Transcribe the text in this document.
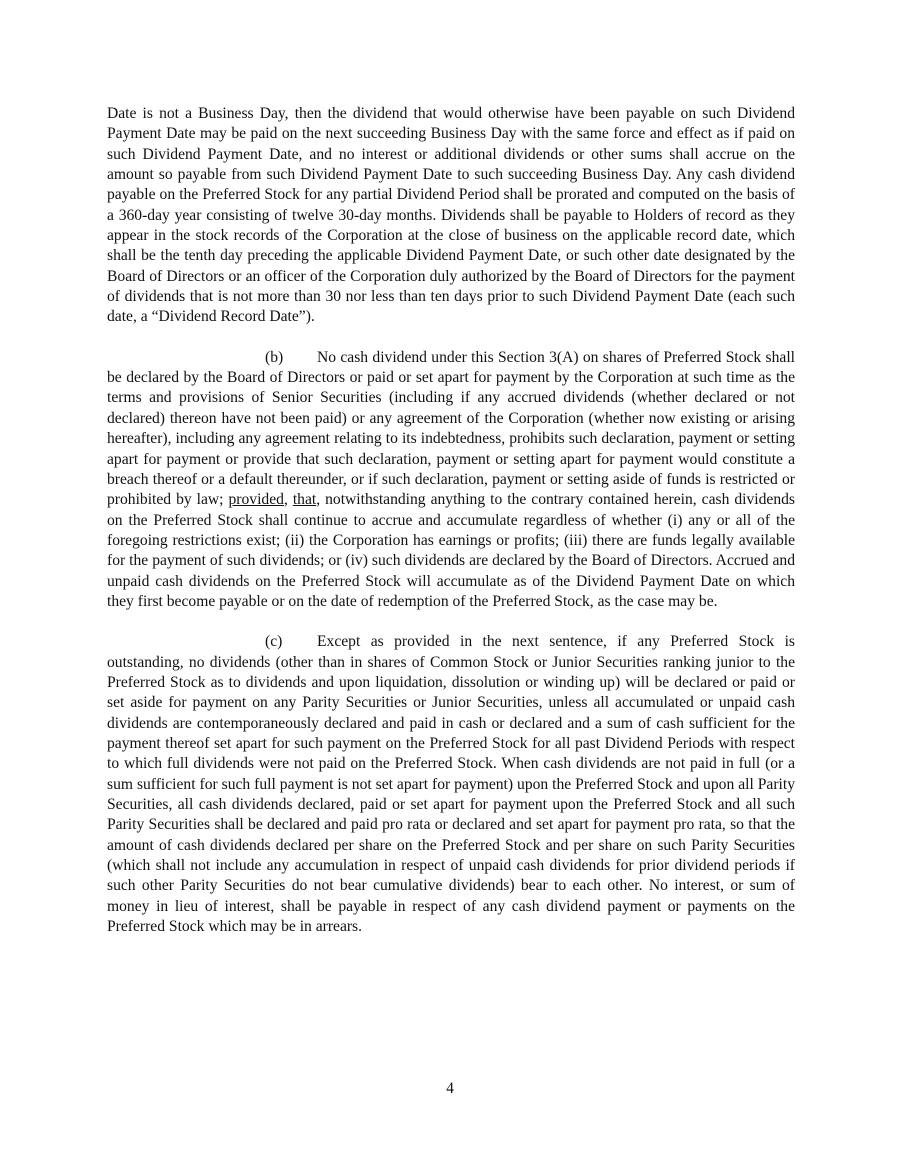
Date is not a Business Day, then the dividend that would otherwise have been payable on such Dividend Payment Date may be paid on the next succeeding Business Day with the same force and effect as if paid on such Dividend Payment Date, and no interest or additional dividends or other sums shall accrue on the amount so payable from such Dividend Payment Date to such succeeding Business Day. Any cash dividend payable on the Preferred Stock for any partial Dividend Period shall be prorated and computed on the basis of a 360-day year consisting of twelve 30-day months. Dividends shall be payable to Holders of record as they appear in the stock records of the Corporation at the close of business on the applicable record date, which shall be the tenth day preceding the applicable Dividend Payment Date, or such other date designated by the Board of Directors or an officer of the Corporation duly authorized by the Board of Directors for the payment of dividends that is not more than 30 nor less than ten days prior to such Dividend Payment Date (each such date, a “Dividend Record Date”).

(b) No cash dividend under this Section 3(A) on shares of Preferred Stock shall be declared by the Board of Directors or paid or set apart for payment by the Corporation at such time as the terms and provisions of Senior Securities (including if any accrued dividends (whether declared or not declared) thereon have not been paid) or any agreement of the Corporation (whether now existing or arising hereafter), including any agreement relating to its indebtedness, prohibits such declaration, payment or setting apart for payment or provide that such declaration, payment or setting apart for payment would constitute a breach thereof or a default thereunder, or if such declaration, payment or setting aside of funds is restricted or prohibited by law; provided, that, notwithstanding anything to the contrary contained herein, cash dividends on the Preferred Stock shall continue to accrue and accumulate regardless of whether (i) any or all of the foregoing restrictions exist; (ii) the Corporation has earnings or profits; (iii) there are funds legally available for the payment of such dividends; or (iv) such dividends are declared by the Board of Directors. Accrued and unpaid cash dividends on the Preferred Stock will accumulate as of the Dividend Payment Date on which they first become payable or on the date of redemption of the Preferred Stock, as the case may be.

(c) Except as provided in the next sentence, if any Preferred Stock is outstanding, no dividends (other than in shares of Common Stock or Junior Securities ranking junior to the Preferred Stock as to dividends and upon liquidation, dissolution or winding up) will be declared or paid or set aside for payment on any Parity Securities or Junior Securities, unless all accumulated or unpaid cash dividends are contemporaneously declared and paid in cash or declared and a sum of cash sufficient for the payment thereof set apart for such payment on the Preferred Stock for all past Dividend Periods with respect to which full dividends were not paid on the Preferred Stock. When cash dividends are not paid in full (or a sum sufficient for such full payment is not set apart for payment) upon the Preferred Stock and upon all Parity Securities, all cash dividends declared, paid or set apart for payment upon the Preferred Stock and all such Parity Securities shall be declared and paid pro rata or declared and set apart for payment pro rata, so that the amount of cash dividends declared per share on the Preferred Stock and per share on such Parity Securities (which shall not include any accumulation in respect of unpaid cash dividends for prior dividend periods if such other Parity Securities do not bear cumulative dividends) bear to each other. No interest, or sum of money in lieu of interest, shall be payable in respect of any cash dividend payment or payments on the Preferred Stock which may be in arrears.

4
